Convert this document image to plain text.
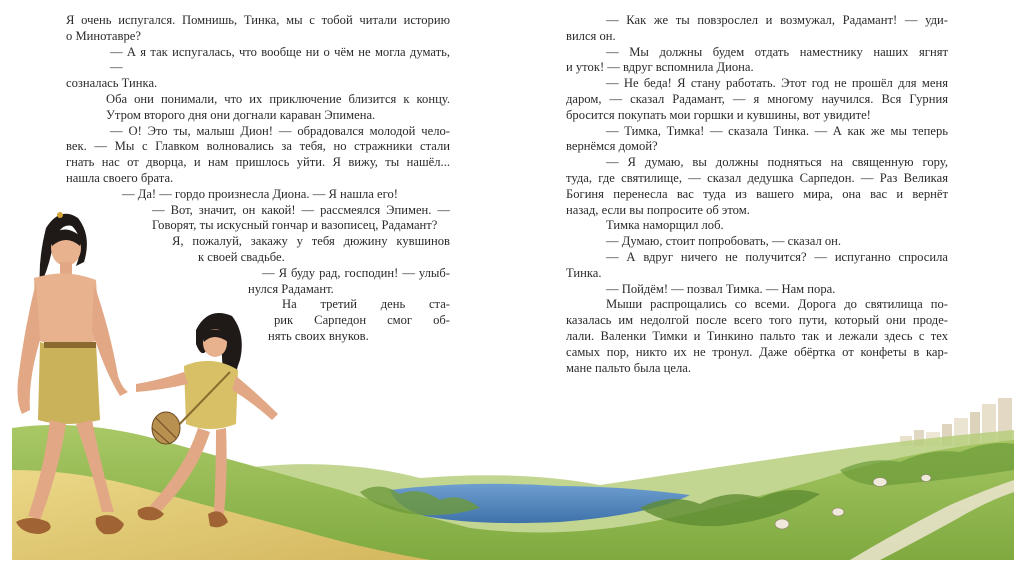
Я очень испугался. Помнишь, Тинка, мы с тобой читали историю
о Минотавре?
— А я так испугалась, что вообще ни о чём не могла думать, —
созналась Тинка.
Оба они понимали, что их приключение близится к концу.
Утром второго дня они догнали караван Эпимена.
— О! Это ты, малыш Дион! — обрадовался молодой чело-
век. — Мы с Главком волновались за тебя, но стражники стали
гнать нас от дворца, и нам пришлось уйти. Я вижу, ты нашёл...
нашла своего брата.
— Да! — гордо произнесла Диона. — Я нашла его!
— Вот, значит, он какой! — рассмеялся Эпимен. —
Говорят, ты искусный гончар и вазописец, Радамант?
Я, пожалуй, закажу у тебя дюжину кувшинов
к своей свадьбе.
— Я буду рад, господин! — улыб-
нулся Радамант.
На третий день ста-
рик Сарпедон смог об-
нять своих внуков.
— Как же ты повзрослел и возмужал, Радамант! — уди-
вился он.
— Мы должны будем отдать наместнику наших ягнят
и уток! — вдруг вспомнила Диона.
— Не беда! Я стану работать. Этот год не прошёл для меня
даром, — сказал Радамант, — я многому научился. Вся Гурния
бросится покупать мои горшки и кувшины, вот увидите!
— Тимка, Тимка! — сказала Тинка. — А как же мы теперь
вернёмся домой?
— Я думаю, вы должны подняться на священную гору,
туда, где святилище, — сказал дедушка Сарпедон. — Раз Великая
Богиня перенесла вас туда из вашего мира, она вас и вернёт
назад, если вы попросите об этом.
Тимка наморщил лоб.
— Думаю, стоит попробовать, — сказал он.
— А вдруг ничего не получится? — испуганно спросила
Тинка.
— Пойдём! — позвал Тимка. — Нам пора.
Мыши распрощались со всеми. Дорога до святилища по-
казалась им недолгой после всего того пути, который они проде-
лали. Валенки Тимки и Тинкино пальто так и лежали здесь с тех
самых пор, никто их не тронул. Даже обёртка от конфеты в кар-
мане пальто была цела.
